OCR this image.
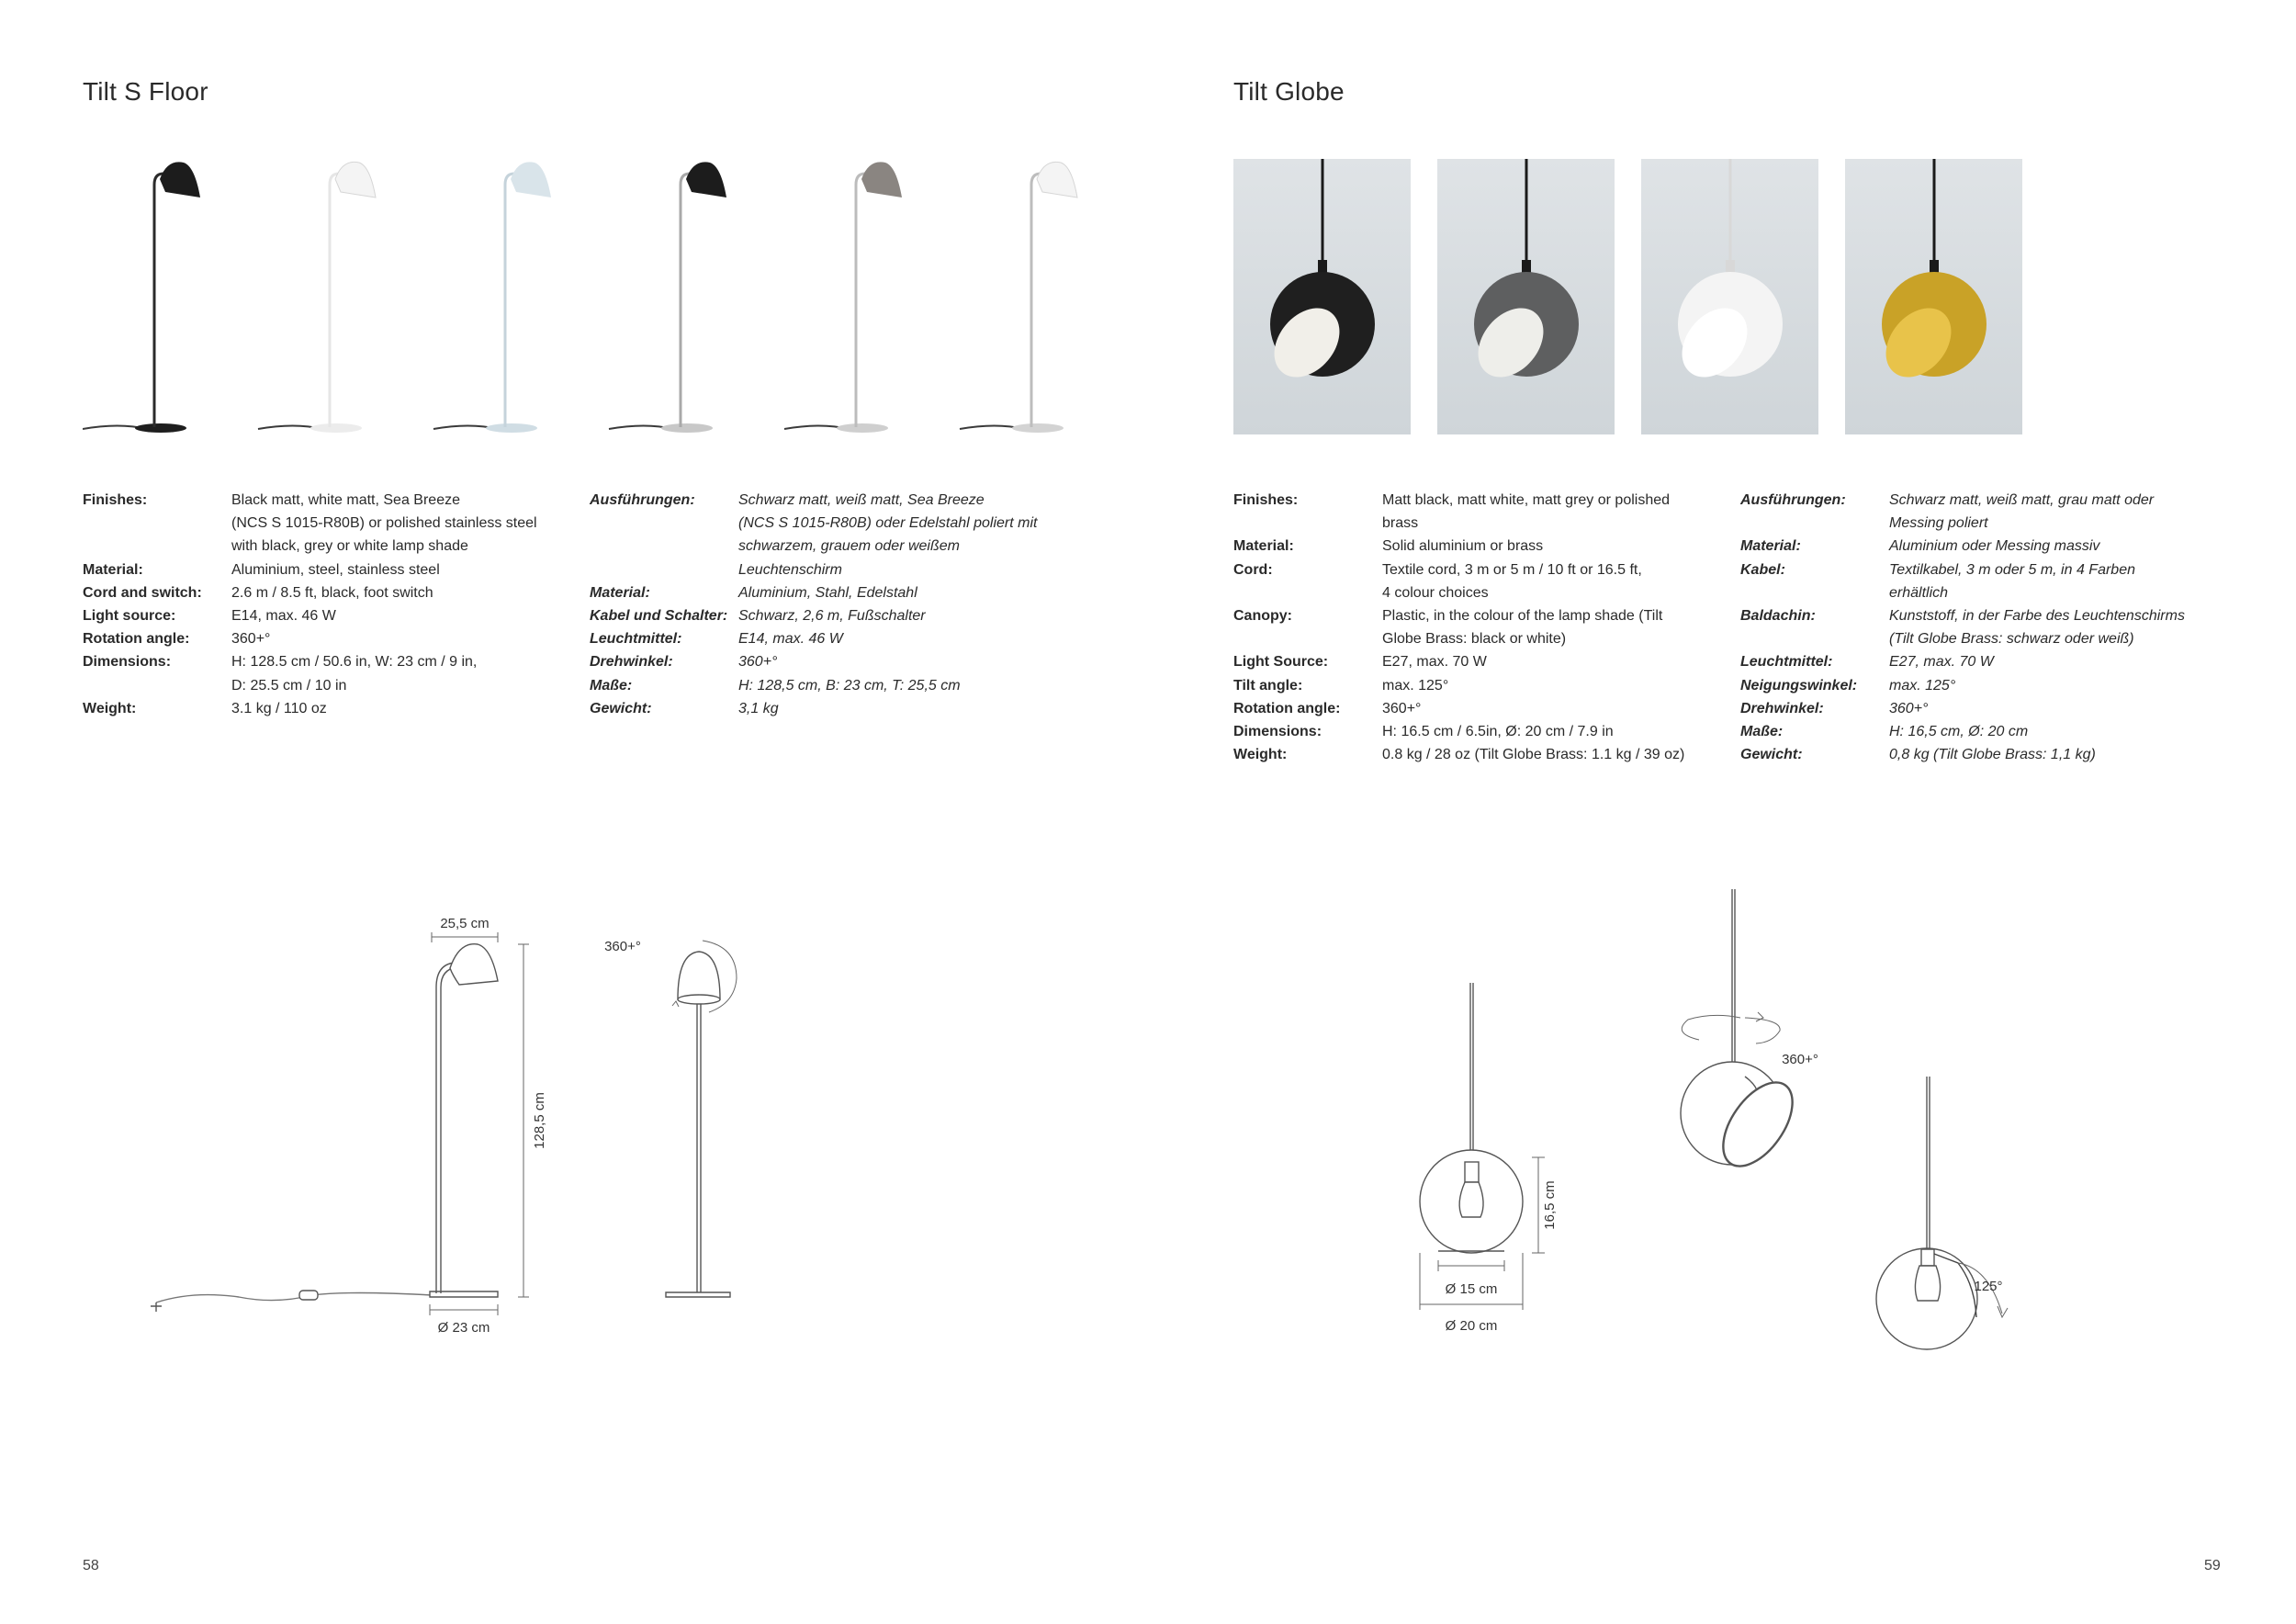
Tilt S Floor
Finishes:	Black matt, white matt, Sea Breeze
(NCS S 1015-R80B) or polished stainless steel
with black, grey or white lamp shade
Material:	Aluminium, steel, stainless steel
Cord and switch:	2.6 m / 8.5 ft, black, foot switch
Light source:	E14, max. 46 W
Rotation angle:	360+°
Dimensions:	H: 128.5 cm / 50.6 in, W: 23 cm / 9 in,
D: 25.5 cm / 10 in
Weight:	3.1 kg / 110 oz
Ausführungen:	Schwarz matt, weiß matt, Sea Breeze
(NCS S 1015-R80B) oder Edelstahl poliert mit
schwarzem, grauem oder weißem
Leuchtenschirm
Material:	Aluminium, Stahl, Edelstahl
Kabel und Schalter: Schwarz, 2,6 m, Fußschalter
Leuchtmittel:	E14, max. 46 W
Drehwinkel:	360+°
Maße:	H: 128,5 cm, B: 23 cm, T: 25,5 cm
Gewicht:	3,1 kg
25,5 cm
128,5 cm
Ø 23 cm
360+°
58
Tilt Globe
Finishes:	Matt black, matt white, matt grey or polished
brass
Material:	Solid aluminium or brass
Cord:	Textile cord, 3 m or 5 m / 10 ft or 16.5 ft,
4 colour choices
Canopy:	Plastic, in the colour of the lamp shade (Tilt
Globe Brass: black or white)
Light Source:	E27, max. 70 W
Tilt angle:	max. 125°
Rotation angle:	360+°
Dimensions:	H: 16.5 cm / 6.5in, Ø: 20 cm / 7.9 in
Weight:	0.8 kg / 28 oz (Tilt Globe Brass: 1.1 kg / 39 oz)
Ausführungen:	Schwarz matt, weiß matt, grau matt oder
Messing poliert
Material:	Aluminium oder Messing massiv
Kabel:	Textilkabel, 3 m oder 5 m, in 4 Farben
erhältlich
Baldachin:	Kunststoff, in der Farbe des Leuchtenschirms
(Tilt Globe Brass: schwarz oder weiß)
Leuchtmittel:	E27, max. 70 W
Neigungswinkel:	max. 125°
Drehwinkel:	360+°
Maße:	H: 16,5 cm, Ø: 20 cm
Gewicht:	0,8 kg (Tilt Globe Brass: 1,1 kg)
16,5 cm
Ø 15 cm
Ø 20 cm
360+°
125°
59
